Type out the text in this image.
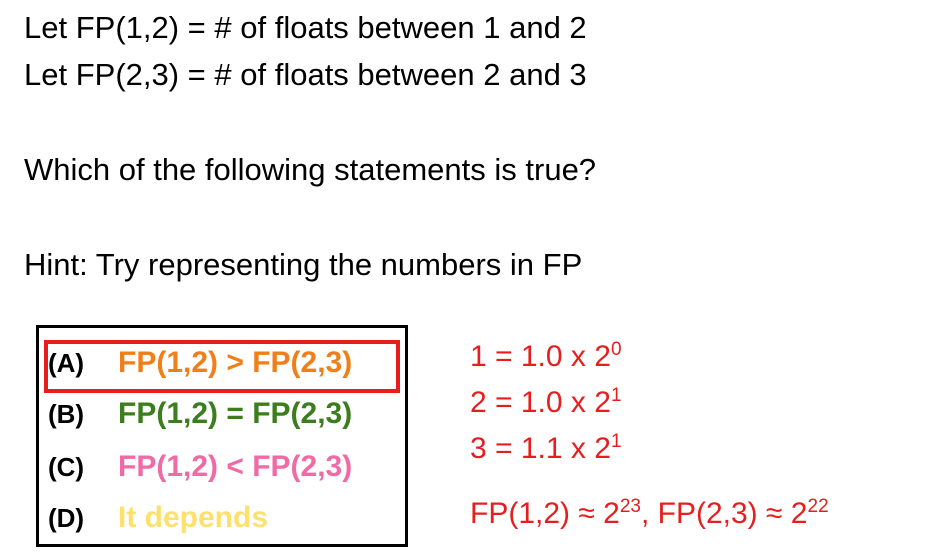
Let FP(1,2) = # of floats between 1 and 2
Let FP(2,3) = # of floats between 2 and 3
Which of the following statements is true?
Hint: Try representing the numbers in FP
(A) FP(1,2) > FP(2,3)
(B) FP(1,2) = FP(2,3)
(C) FP(1,2) < FP(2,3)
(D) It depends
1 = 1.0 x $2^0$
2 = 1.0 x $2^1$
3 = 1.1 x $2^1$
$FP(1,2) \approx 2^{23}$, $FP(2,3) \approx 2^{22}$
